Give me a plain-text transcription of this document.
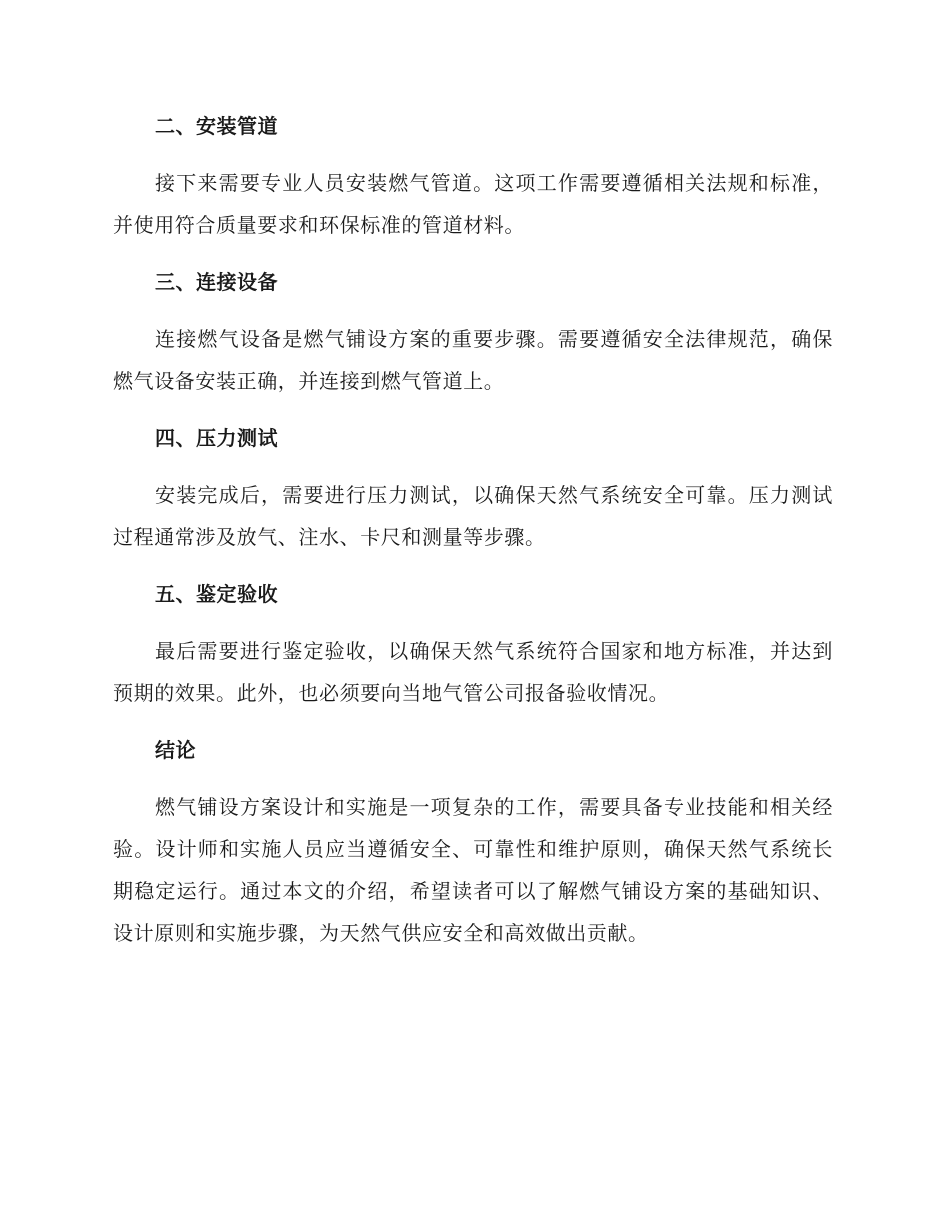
二、安装管道

接下来需要专业人员安装燃气管道。这项工作需要遵循相关法规和标准，并使用符合质量要求和环保标准的管道材料。

三、连接设备

连接燃气设备是燃气铺设方案的重要步骤。需要遵循安全法律规范，确保燃气设备安装正确，并连接到燃气管道上。

四、压力测试

安装完成后，需要进行压力测试，以确保天然气系统安全可靠。压力测试过程通常涉及放气、注水、卡尺和测量等步骤。

五、鉴定验收

最后需要进行鉴定验收，以确保天然气系统符合国家和地方标准，并达到预期的效果。此外，也必须要向当地气管公司报备验收情况。

结论

燃气铺设方案设计和实施是一项复杂的工作，需要具备专业技能和相关经验。设计师和实施人员应当遵循安全、可靠性和维护原则，确保天然气系统长期稳定运行。通过本文的介绍，希望读者可以了解燃气铺设方案的基础知识、设计原则和实施步骤，为天然气供应安全和高效做出贡献。
